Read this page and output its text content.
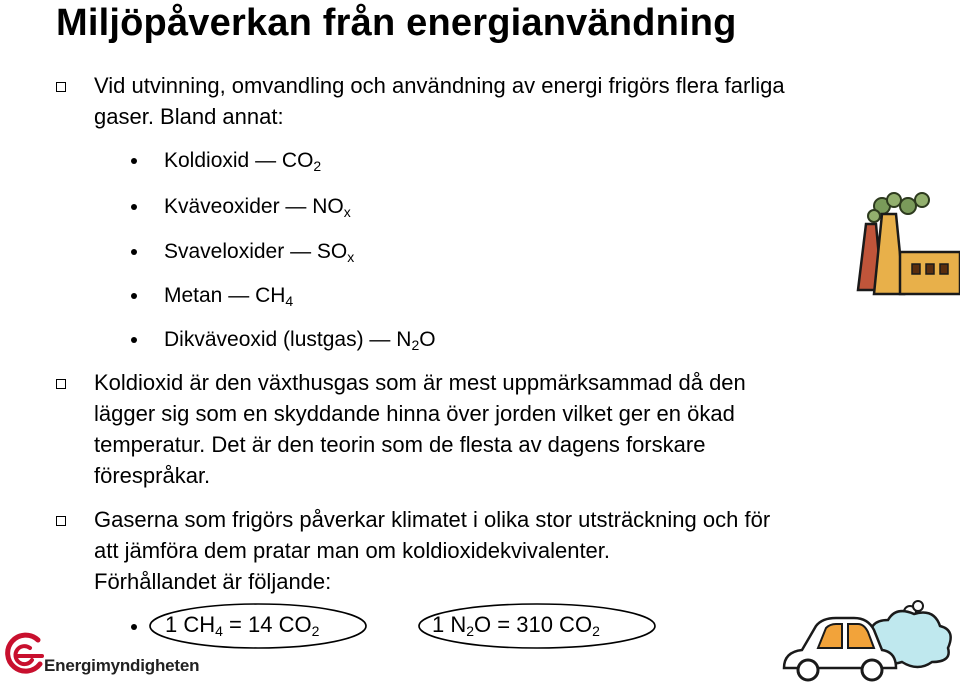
Miljöpåverkan från energianvändning
Vid utvinning, omvandling och användning av energi frigörs flera farliga
gaser. Bland annat:
Koldioxid — $CO_2$
Kväveoxider — $NO_x$
Svaveloxider — $SO_x$
Metan — $CH_4$
Dikväveoxid (lustgas) — $N_2O$
Koldioxid är den växthusgas som är mest uppmärksammad då den
lägger sig som en skyddande hinna över jorden vilket ger en ökad
temperatur. Det är den teorin som de flesta av dagens forskare
förespråkar.
Gaserna som frigörs påverkar klimatet i olika stor utsträckning och för
att jämföra dem pratar man om koldioxidekvivalenter.
Förhållandet är följande:
1 $CH_4 = 14$ $CO_2$	1 $N_2O = 310$ $CO_2$
Energimyndigheten
